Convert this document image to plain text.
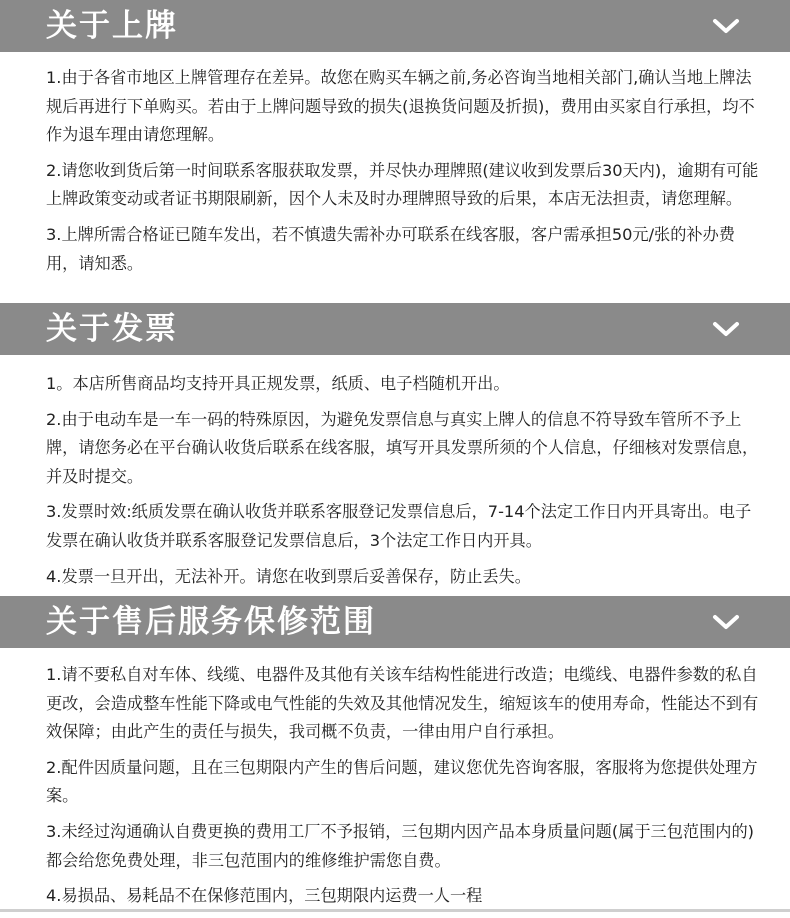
关于上牌

1.由于各省市地区上牌管理存在差异。故您在购买车辆之前,务必咨询当地相关部门,确认当地上牌法规后再进行下单购买。若由于上牌问题导致的损失(退换货问题及折损)，费用由买家自行承担，均不作为退车理由请您理解。

2.请您收到货后第一时间联系客服获取发票，并尽快办理牌照(建议收到发票后30天内)，逾期有可能上牌政策变动或者证书期限刷新，因个人未及时办理牌照导致的后果，本店无法担责，请您理解。

3.上牌所需合格证已随车发出，若不慎遗失需补办可联系在线客服，客户需承担50元/张的补办费用，请知悉。

关于发票

1。本店所售商品均支持开具正规发票，纸质、电子档随机开出。

2.由于电动车是一车一码的特殊原因，为避免发票信息与真实上牌人的信息不符导致车管所不予上牌，请您务必在平台确认收货后联系在线客服，填写开具发票所须的个人信息，仔细核对发票信息，并及时提交。

3.发票时效:纸质发票在确认收货并联系客服登记发票信息后，7-14个法定工作日内开具寄出。电子发票在确认收货并联系客服登记发票信息后，3个法定工作日内开具。

4.发票一旦开出，无法补开。请您在收到票后妥善保存，防止丢失。

关于售后服务保修范围

1.请不要私自对车体、线缆、电器件及其他有关该车结构性能进行改造；电缆线、电器件参数的私自更改，会造成整车性能下降或电气性能的失效及其他情况发生，缩短该车的使用寿命，性能达不到有效保障；由此产生的责任与损失，我司概不负责，一律由用户自行承担。

2.配件因质量问题，且在三包期限内产生的售后问题，建议您优先咨询客服，客服将为您提供处理方案。

3.未经过沟通确认自费更换的费用工厂不予报销，三包期内因产品本身质量问题(属于三包范围内的)都会给您免费处理，非三包范围内的维修维护需您自费。

4.易损品、易耗品不在保修范围内，三包期限内运费一人一程
